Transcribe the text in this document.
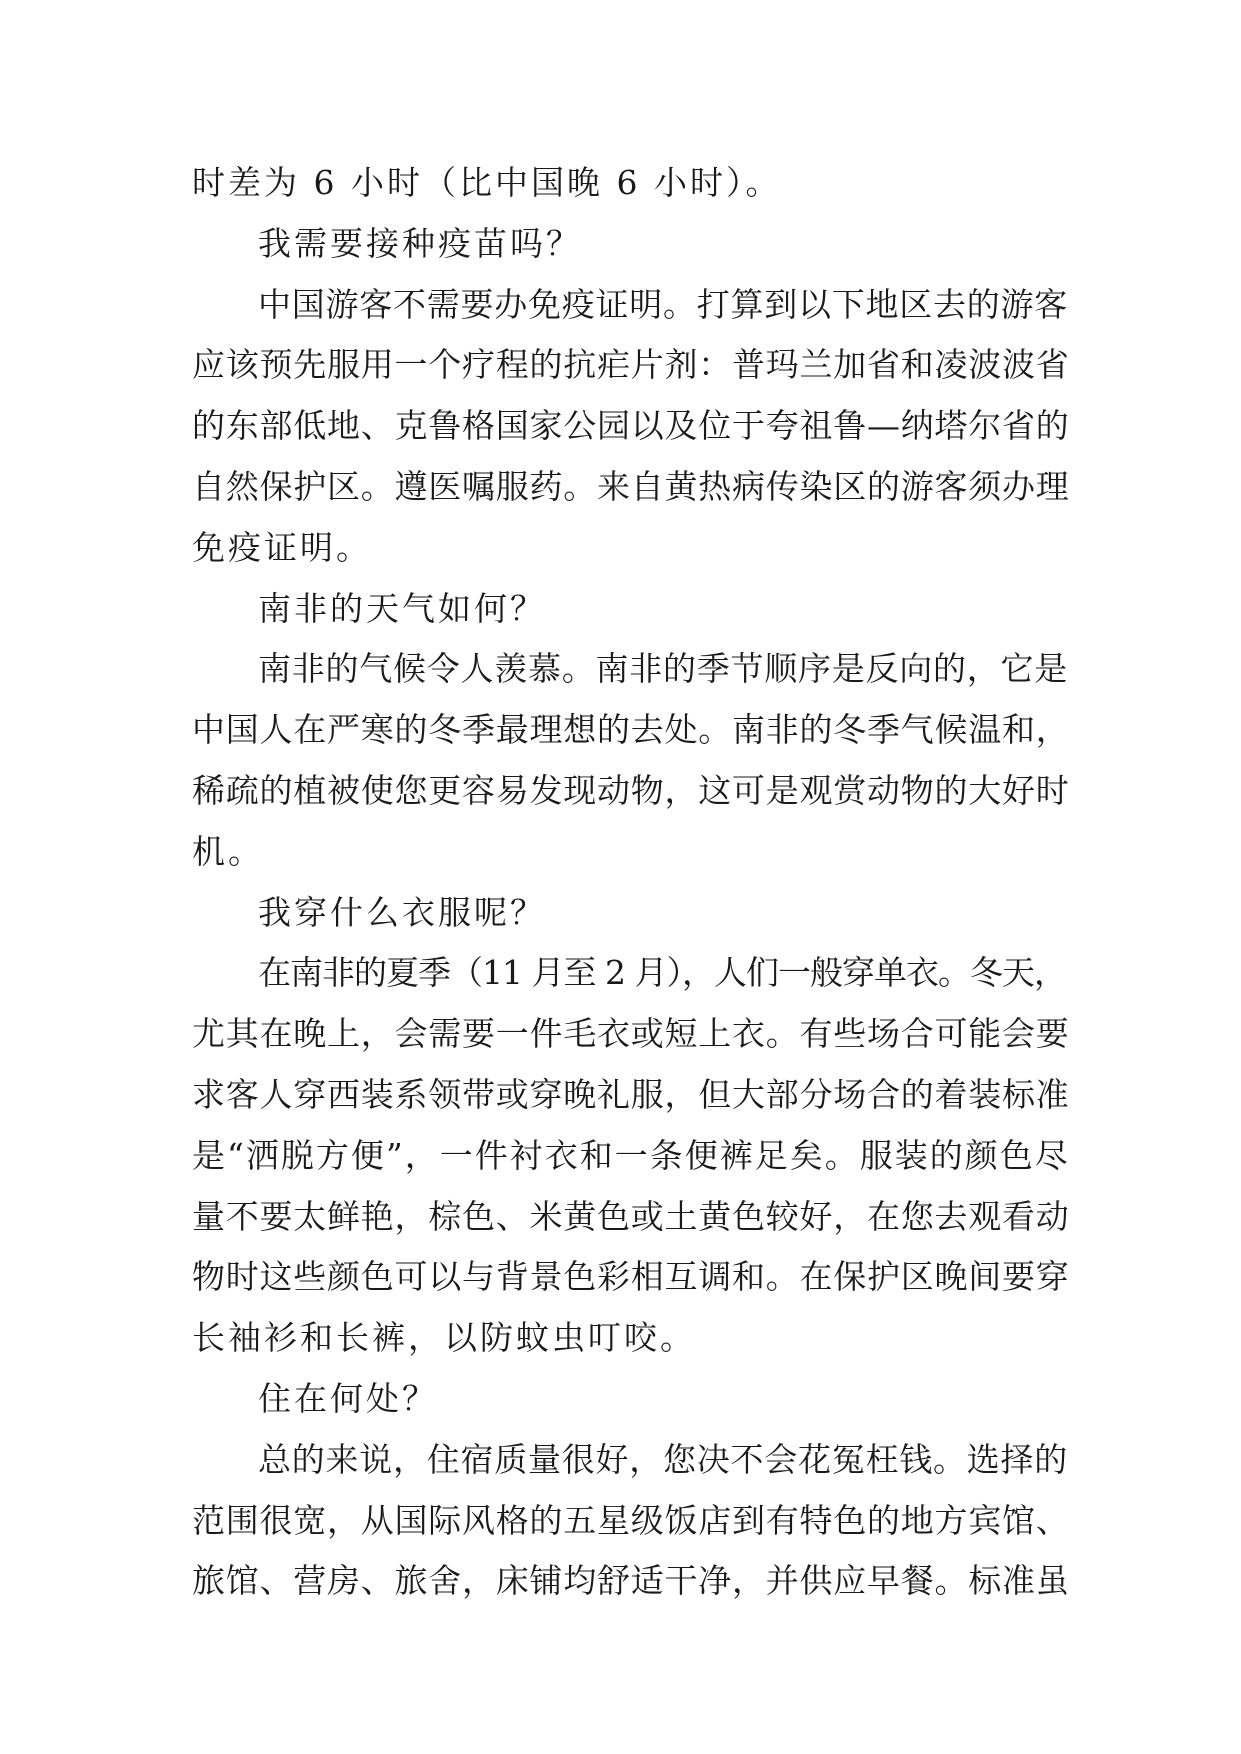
时差为 6 小时（比中国晚 6 小时）。
我需要接种疫苗吗？
中国游客不需要办免疫证明。打算到以下地区去的游客
应该预先服用一个疗程的抗疟片剂：普玛兰加省和凌波波省
的东部低地、克鲁格国家公园以及位于夸祖鲁—纳塔尔省的
自然保护区。遵医嘱服药。来自黄热病传染区的游客须办理
免疫证明。
南非的天气如何？
南非的气候令人羡慕。南非的季节顺序是反向的，它是
中国人在严寒的冬季最理想的去处。南非的冬季气候温和，
稀疏的植被使您更容易发现动物，这可是观赏动物的大好时
机。
我穿什么衣服呢？
在南非的夏季（11 月至 2 月），人们一般穿单衣。冬天，
尤其在晚上，会需要一件毛衣或短上衣。有些场合可能会要
求客人穿西装系领带或穿晚礼服，但大部分场合的着装标准
是“洒脱方便”，一件衬衣和一条便裤足矣。服装的颜色尽
量不要太鲜艳，棕色、米黄色或土黄色较好，在您去观看动
物时这些颜色可以与背景色彩相互调和。在保护区晚间要穿
长袖衫和长裤，以防蚊虫叮咬。
住在何处？
总的来说，住宿质量很好，您决不会花冤枉钱。选择的
范围很宽，从国际风格的五星级饭店到有特色的地方宾馆、
旅馆、营房、旅舍，床铺均舒适干净，并供应早餐。标准虽
